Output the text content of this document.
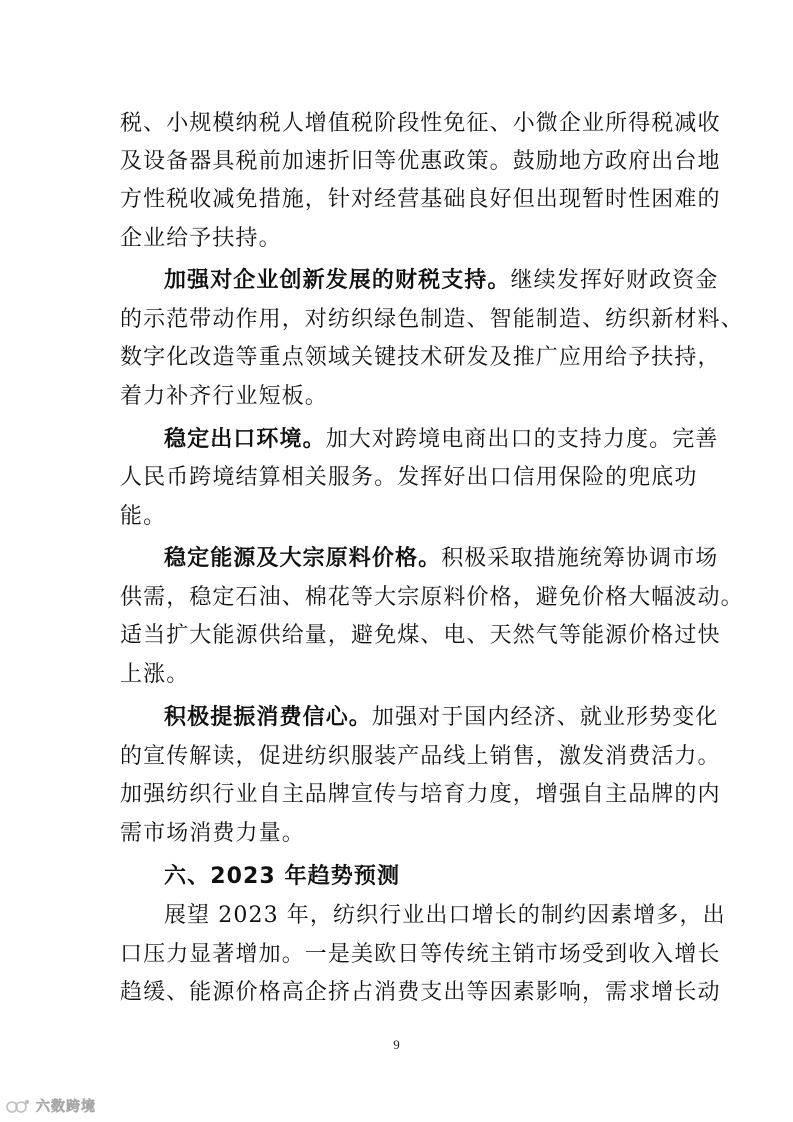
税、小规模纳税人增值税阶段性免征、小微企业所得税减收
及设备器具税前加速折旧等优惠政策。鼓励地方政府出台地
方性税收减免措施，针对经营基础良好但出现暂时性困难的
企业给予扶持。
加强对企业创新发展的财税支持。继续发挥好财政资金
的示范带动作用，对纺织绿色制造、智能制造、纺织新材料、
数字化改造等重点领域关键技术研发及推广应用给予扶持，
着力补齐行业短板。
稳定出口环境。加大对跨境电商出口的支持力度。完善
人民币跨境结算相关服务。发挥好出口信用保险的兜底功
能。
稳定能源及大宗原料价格。积极采取措施统筹协调市场
供需，稳定石油、棉花等大宗原料价格，避免价格大幅波动。
适当扩大能源供给量，避免煤、电、天然气等能源价格过快
上涨。
积极提振消费信心。加强对于国内经济、就业形势变化
的宣传解读，促进纺织服装产品线上销售，激发消费活力。
加强纺织行业自主品牌宣传与培育力度，增强自主品牌的内
需市场消费力量。
六、2023 年趋势预测
展望 2023 年，纺织行业出口增长的制约因素增多，出
口压力显著增加。一是美欧日等传统主销市场受到收入增长
趋缓、能源价格高企挤占消费支出等因素影响，需求增长动
9
六数跨境
